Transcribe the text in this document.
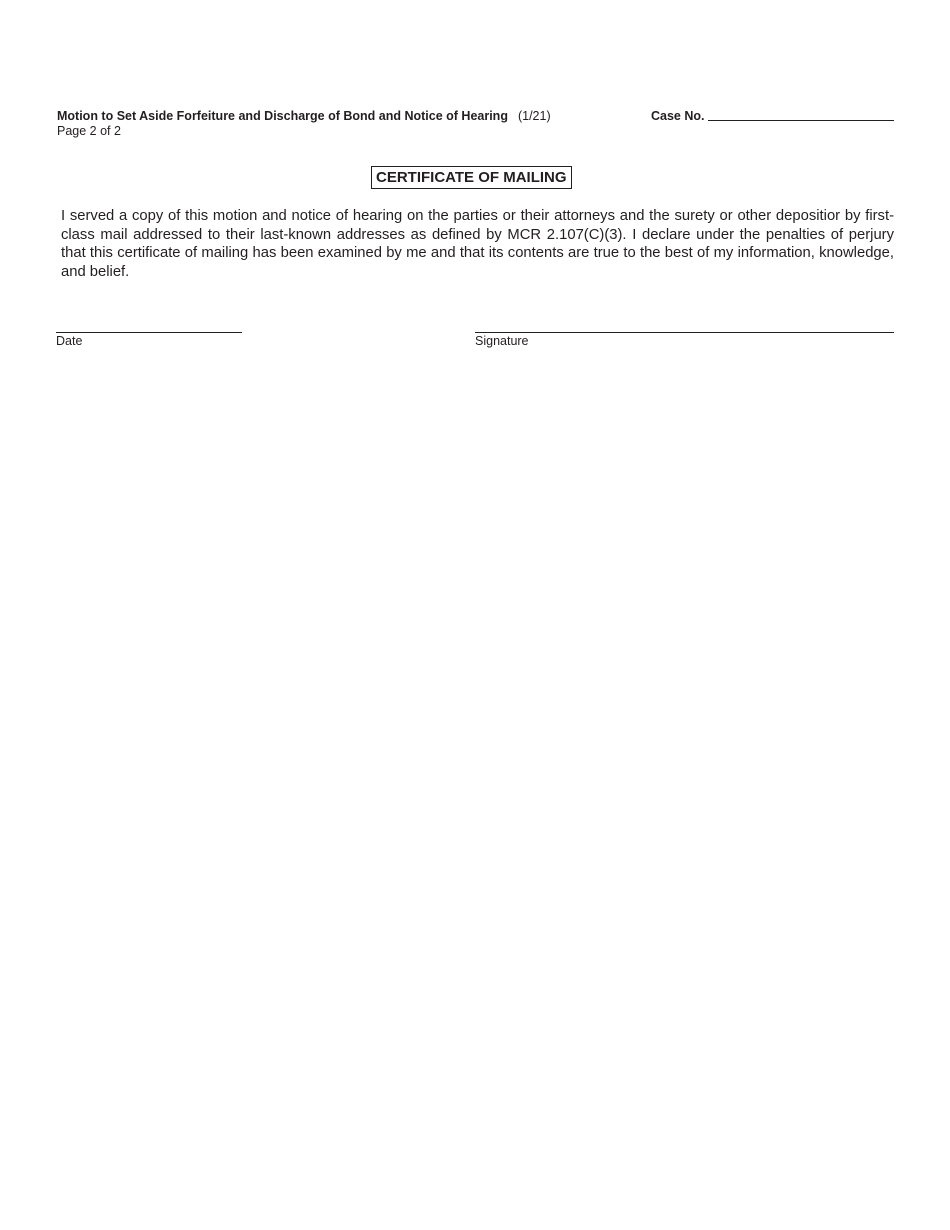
Motion to Set Aside Forfeiture and Discharge of Bond and Notice of Hearing (1/21)
Page 2 of 2
Case No.
CERTIFICATE OF MAILING
I served a copy of this motion and notice of hearing on the parties or their attorneys and the surety or other depositior by first-class mail addressed to their last-known addresses as defined by MCR 2.107(C)(3). I declare under the penalties of perjury that this certificate of mailing has been examined by me and that its contents are true to the best of my information, knowledge, and belief.
Date	Signature
